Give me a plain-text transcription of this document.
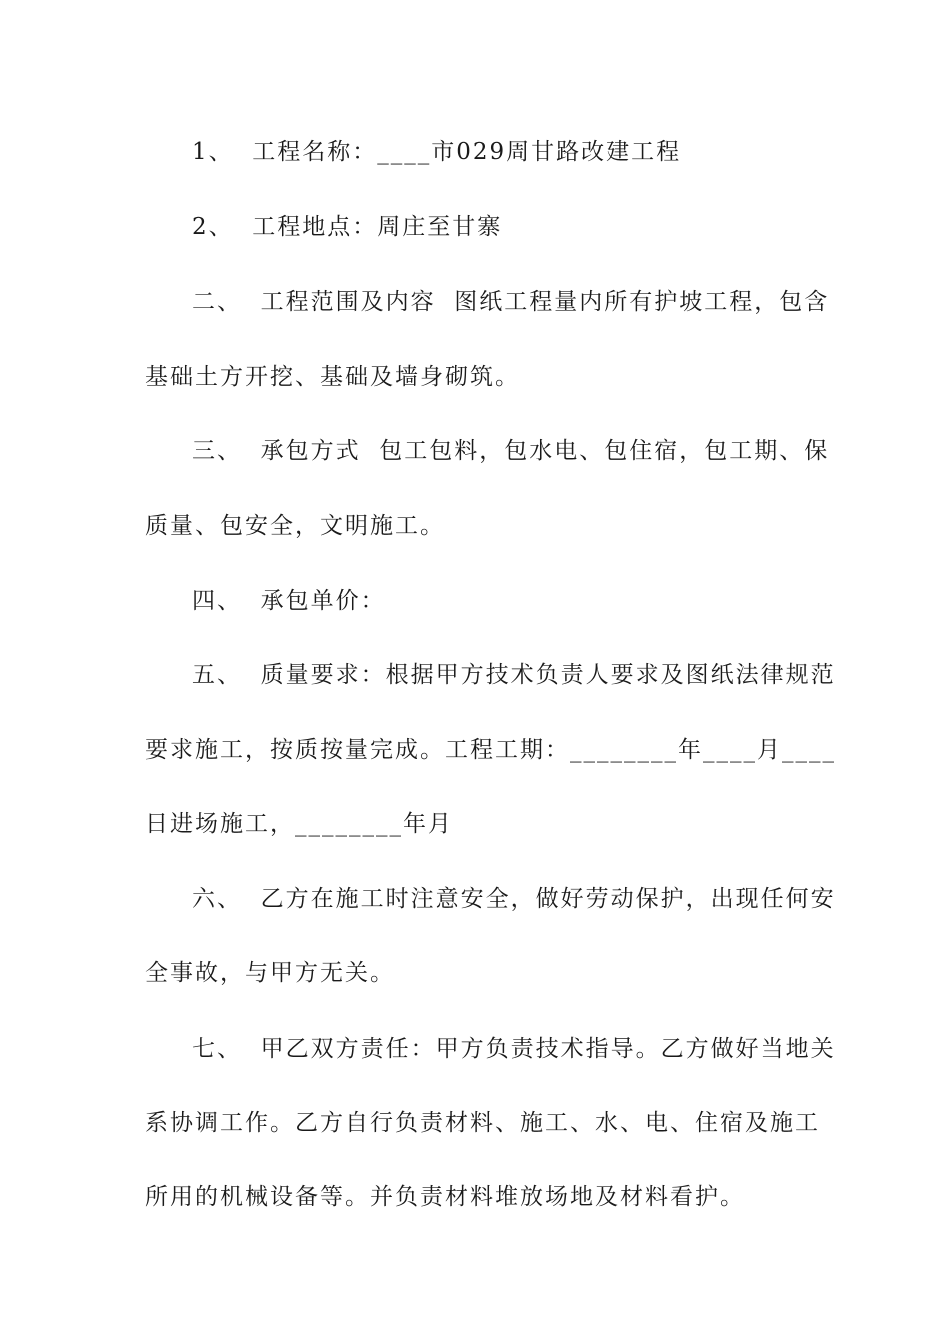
1、  工程名称：____市029周甘路改建工程
2、  工程地点：周庄至甘寨
二、  工程范围及内容  图纸工程量内所有护坡工程，包含
基础土方开挖、基础及墙身砌筑。
三、  承包方式  包工包料，包水电、包住宿，包工期、保
质量、包安全，文明施工。
四、  承包单价：
五、  质量要求：根据甲方技术负责人要求及图纸法律规范
要求施工，按质按量完成。工程工期：________年____月____
日进场施工，________年月
六、  乙方在施工时注意安全，做好劳动保护，出现任何安
全事故，与甲方无关。
七、  甲乙双方责任：甲方负责技术指导。乙方做好当地关
系协调工作。乙方自行负责材料、施工、水、电、住宿及施工
所用的机械设备等。并负责材料堆放场地及材料看护。
